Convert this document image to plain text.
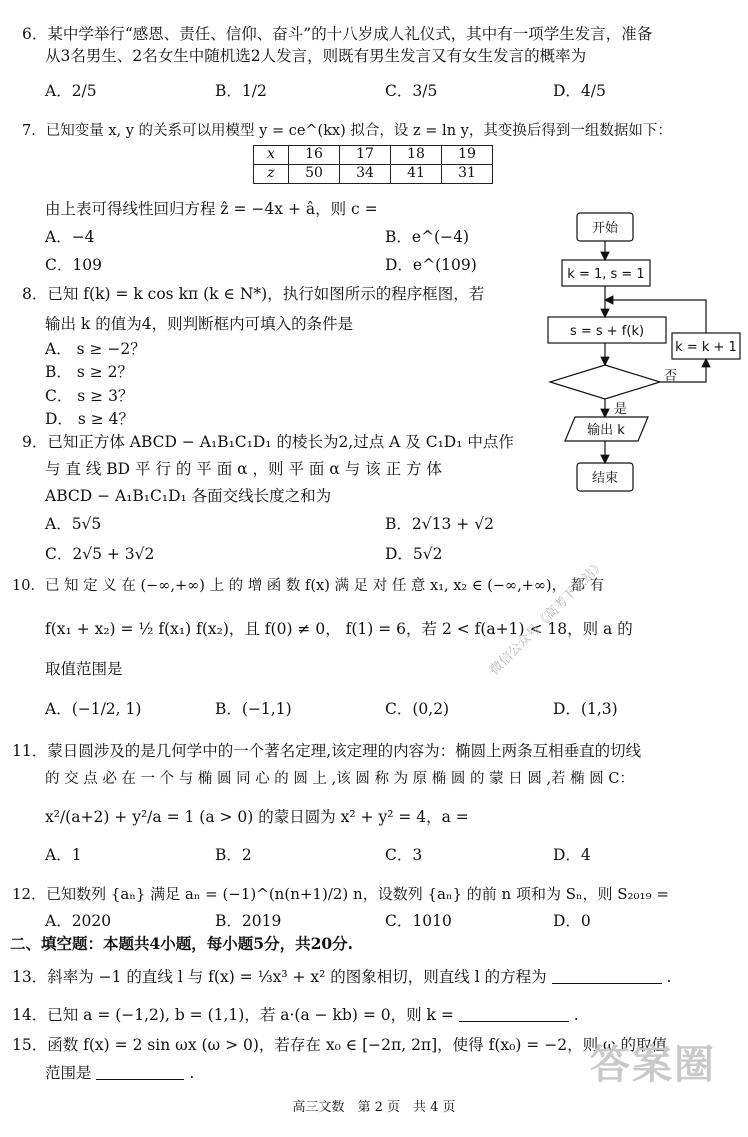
6．某中学举行“感恩、责任、信仰、奋斗”的十八岁成人礼仪式，其中有一项学生发言，准备
从3名男生、2名女生中随机选2人发言，则既有男生发言又有女生发言的概率为
A．2/5	B．1/2	C．3/5	D．4/5
7．已知变量 x, y 的关系可以用模型 y = ce^(kx) 拟合，设 z = ln y，其变换后得到一组数据如下：
x	16	17	18	19
z	50	34	41	31
由上表可得线性回归方程 ẑ = −4x + â，则 c =
A．−4	B．e^(−4)
C．109	D．e^(109)
8．已知 f(k) = k cos kπ (k ∈ N*)，执行如图所示的程序框图，若
输出 k 的值为4，则判断框内可填入的条件是
A． s ≥ −2？
B． s ≥ 2？
C． s ≥ 3？
D． s ≥ 4？
开始
k = 1, s = 1
s = s + f(k)
k = k + 1
否
是
输出 k
结束
9．已知正方体 ABCD − A₁B₁C₁D₁ 的棱长为2,过点 A 及 C₁D₁ 中点作
与 直 线 BD 平 行 的 平 面 α ，则 平 面 α 与 该 正 方 体
ABCD − A₁B₁C₁D₁ 各面交线长度之和为
A．5√5	B．2√13 + √2
C．2√5 + 3√2	D．5√2
10．已 知 定 义 在 (−∞,+∞) 上 的 增 函 数 f(x) 满 足 对 任 意 x₁, x₂ ∈ (−∞,+∞)， 都 有
f(x₁ + x₂) = ½ f(x₁) f(x₂)，且 f(0) ≠ 0， f(1) = 6，若 2 < f(a+1) < 18，则 a 的
取值范围是
A．(−1/2, 1)	B．(−1,1)	C．(0,2)	D．(1,3)
11．蒙日圆涉及的是几何学中的一个著名定理,该定理的内容为：椭圆上两条互相垂直的切线
的 交 点 必 在 一 个 与 椭 圆 同 心 的 圆 上 ,该 圆 称 为 原 椭 圆 的 蒙 日 圆 ,若 椭 圆 C：
x²/(a+2) + y²/a = 1 (a > 0) 的蒙日圆为 x² + y² = 4，a =
A．1	B．2	C．3	D．4
12．已知数列 {aₙ} 满足 aₙ = (−1)^(n(n+1)/2) n，设数列 {aₙ} 的前 n 项和为 Sₙ，则 S₂₀₁₉ =
A．2020	B．2019	C．1010	D．0
二、填空题：本题共4小题，每小题5分，共20分.
13．斜率为 −1 的直线 l 与 f(x) = ⅓x³ + x² 的图象相切，则直线 l 的方程为	.
14．已知 a = (−1,2), b = (1,1)，若 a·(a − kb) = 0，则 k =	.
15．函数 f(x) = 2 sin ωx (ω > 0)，若存在 x₀ ∈ [−2π, 2π]，使得 f(x₀) = −2，则 ω 的取值
范围是	.
微信公众号《高考下载站》
答案圈
高三文数　第 2 页　共 4 页
